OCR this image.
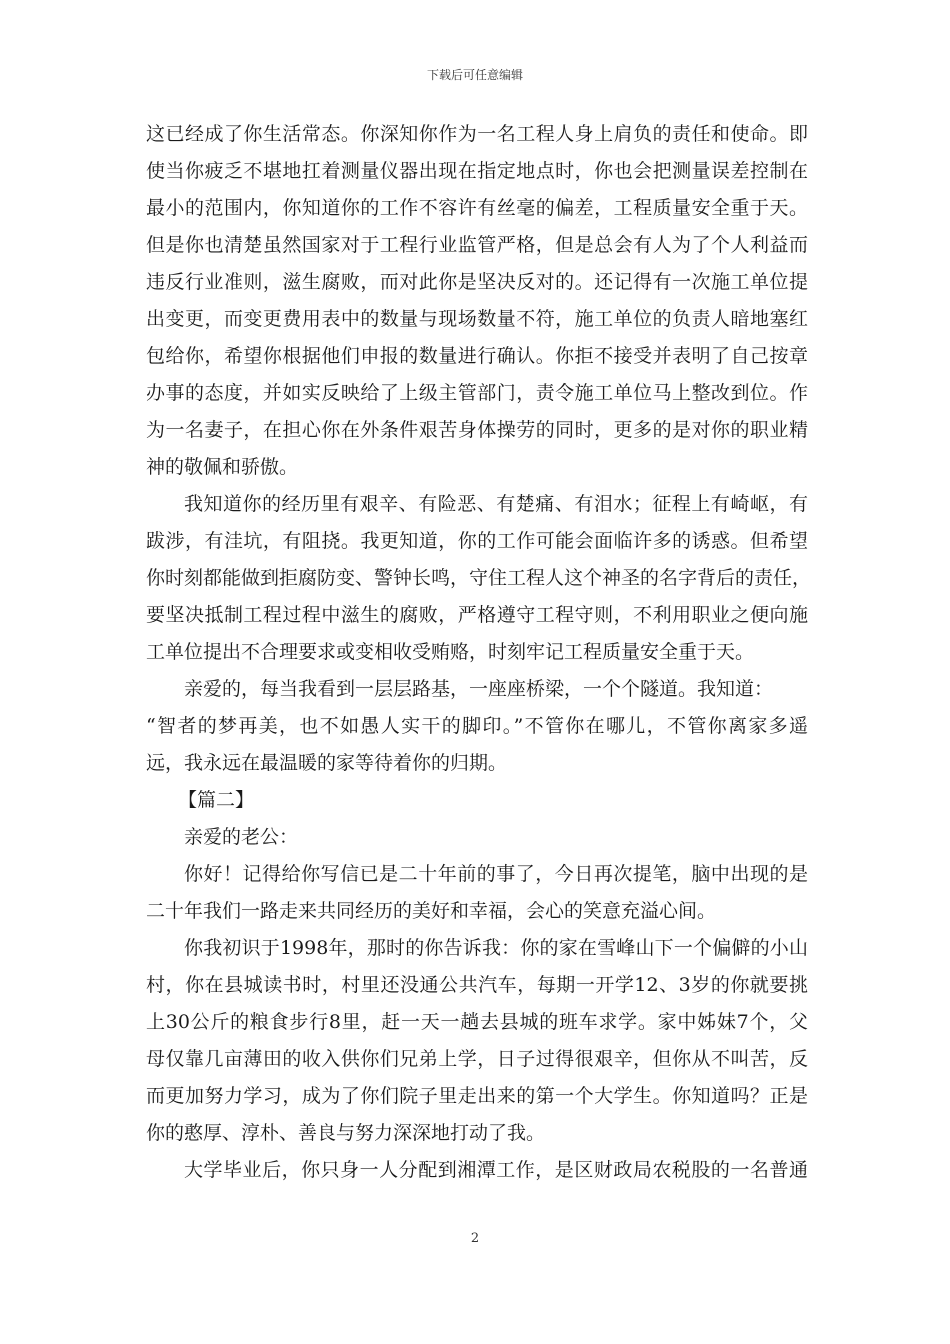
下载后可任意编辑
这已经成了你生活常态。你深知你作为一名工程人身上肩负的责任和使命。即
使当你疲乏不堪地扛着测量仪器出现在指定地点时，你也会把测量误差控制在
最小的范围内，你知道你的工作不容许有丝毫的偏差，工程质量安全重于天。
但是你也清楚虽然国家对于工程行业监管严格，但是总会有人为了个人利益而
违反行业准则，滋生腐败，而对此你是坚决反对的。还记得有一次施工单位提
出变更，而变更费用表中的数量与现场数量不符，施工单位的负责人暗地塞红
包给你，希望你根据他们申报的数量进行确认。你拒不接受并表明了自己按章
办事的态度，并如实反映给了上级主管部门，责令施工单位马上整改到位。作
为一名妻子，在担心你在外条件艰苦身体操劳的同时，更多的是对你的职业精
神的敬佩和骄傲。
我知道你的经历里有艰辛、有险恶、有楚痛、有泪水；征程上有崎岖，有
跋涉，有洼坑，有阻挠。我更知道，你的工作可能会面临许多的诱惑。但希望
你时刻都能做到拒腐防变、警钟长鸣，守住工程人这个神圣的名字背后的责任，
要坚决抵制工程过程中滋生的腐败，严格遵守工程守则，不利用职业之便向施
工单位提出不合理要求或变相收受贿赂，时刻牢记工程质量安全重于天。
亲爱的，每当我看到一层层路基，一座座桥梁，一个个隧道。我知道：
“智者的梦再美，也不如愚人实干的脚印。”不管你在哪儿，不管你离家多遥
远，我永远在最温暖的家等待着你的归期。
【篇二】
亲爱的老公：
你好！记得给你写信已是二十年前的事了，今日再次提笔，脑中出现的是
二十年我们一路走来共同经历的美好和幸福，会心的笑意充溢心间。
你我初识于1998年，那时的你告诉我：你的家在雪峰山下一个偏僻的小山
村，你在县城读书时，村里还没通公共汽车，每期一开学12、3岁的你就要挑
上30公斤的粮食步行8里，赶一天一趟去县城的班车求学。家中姊妹7个，父
母仅靠几亩薄田的收入供你们兄弟上学，日子过得很艰辛，但你从不叫苦，反
而更加努力学习，成为了你们院子里走出来的第一个大学生。你知道吗？正是
你的憨厚、淳朴、善良与努力深深地打动了我。
大学毕业后，你只身一人分配到湘潭工作，是区财政局农税股的一名普通
2
